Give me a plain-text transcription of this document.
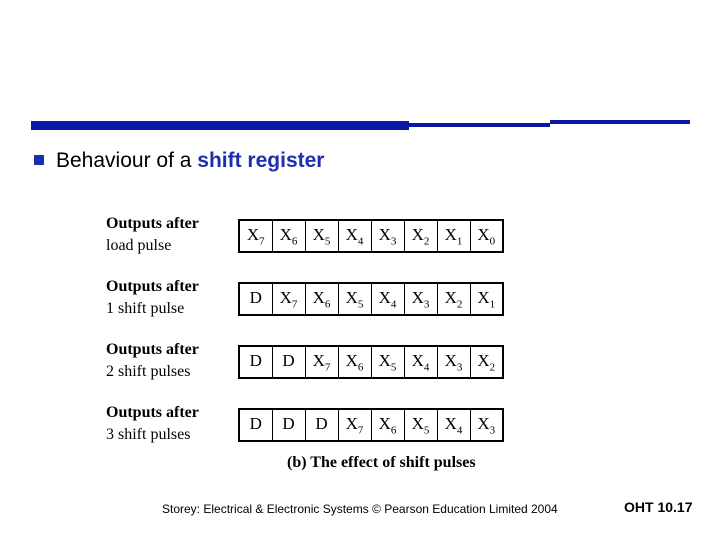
Behaviour of a shift register
Outputs after
load pulse
$X_7$	$X_6$	$X_5$	$X_4$	$X_3$	$X_2$	$X_1$	$X_0$
Outputs after
1 shift pulse
D	$X_7$	$X_6$	$X_5$	$X_4$	$X_3$	$X_2$	$X_1$
Outputs after
2 shift pulses
D	D	$X_7$	$X_6$	$X_5$	$X_4$	$X_3$	$X_2$
Outputs after
3 shift pulses
D	D	D	$X_7$	$X_6$	$X_5$	$X_4$	$X_3$
(b) The effect of shift pulses
Storey: Electrical & Electronic Systems © Pearson Education Limited 2004	OHT 10.17
